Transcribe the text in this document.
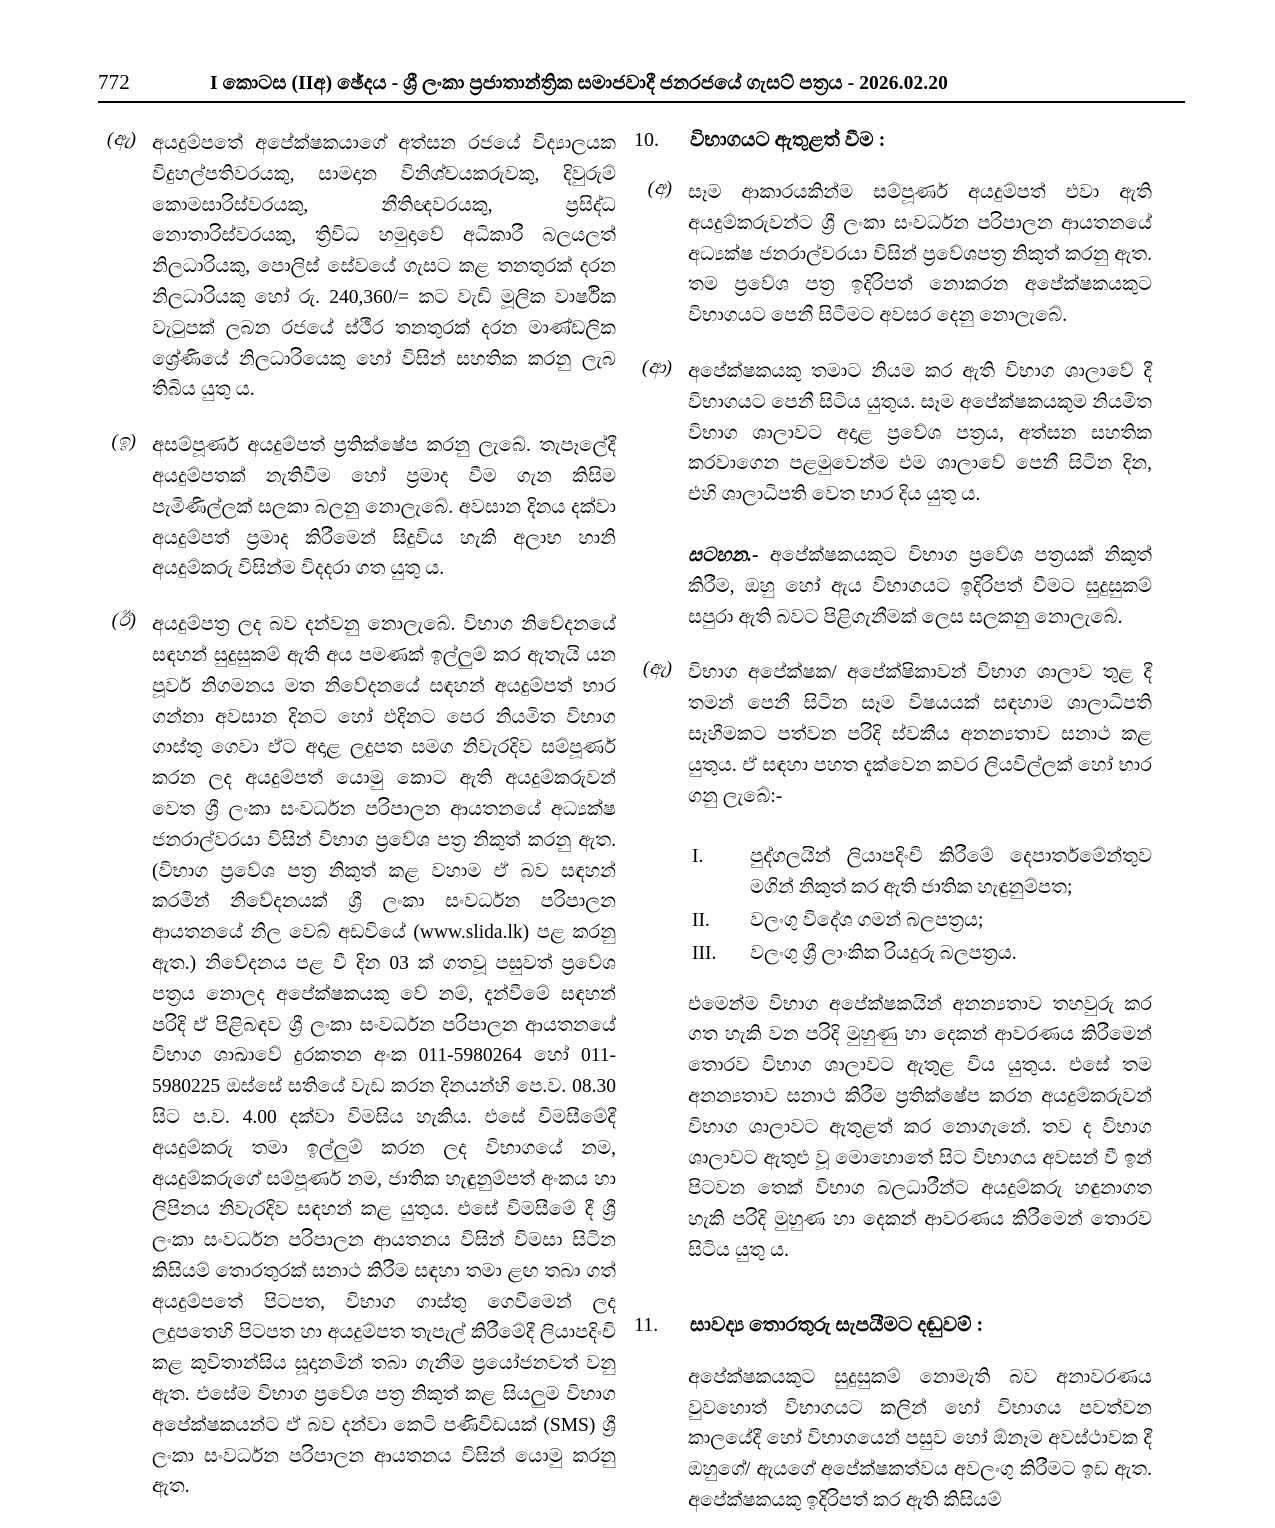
772	I කොටස (IIඅ) ඡේදය - ශ්‍රී ලංකා ප්‍රජාතාන්ත්‍රික සමාජවාදී ජනරජයේ ගැසට් පත්‍රය - 2026.02.20
(ඇ) අයදුම්පතේ අපේක්ෂකයාගේ අත්සන රජයේ විද්‍යාලයක විදුහල්පතිවරයකු, සාමදාන විනිශ්චයකරුවකු, දිවුරුම් කොමසාරිස්වරයකු, නීතිඥවරයකු, ප්‍රසිද්ධ නොතාරිස්වරයකු, ත්‍රිවිධ හමුදාවේ අධිකාරී බලයලත් නිලධාරියකු, පොලිස් සේවයේ ගැසට කළ තනතුරක් දරන නිලධාරියකු හෝ රු. 240,360/= කට වැඩි මූලික වාර්ෂික වැටුපක් ලබන රජයේ ස්ථීර තනතුරක් දරන මාණ්ඩලික ශ්‍රේණියේ නිලධාරියෙකු හෝ විසින් සහතික කරනු ලැබ තිබිය යුතු ය.

(ඉ) අසම්පූර්ණ අයදුම්පත් ප්‍රතික්ෂේප කරනු ලැබේ. තැපෑලේදී අයදුම්පතක් නැතිවීම හෝ ප්‍රමාද වීම ගැන කිසිම පැමිණිල්ලක් සලකා බලනු නොලැබේ. අවසාන දිනය දක්වා අයදුම්පත් ප්‍රමාද කිරීමෙන් සිදුවිය හැකි අලාභ හානි අයදුම්කරු විසින්ම විදදරා ගත යුතු ය.

(ඊ) අයදුම්පත්‍ර ලද බව දන්වනු නොලැබේ. විභාග නිවේදනයේ සඳහන් සුදුසුකම් ඇති අය පමණක් ඉල්ලුම් කර ඇතැයි යන පූර්ව නිගමනය මත නිවේදනයේ සඳහන් අයදුම්පත් භාර ගන්නා අවසාන දිනට හෝ එදිනට පෙර නියමිත විභාග ගාස්තු ගෙවා ඒට අදාළ ලදුපත සමග නිවැරදිව සම්පූර්ණ කරන ලද අයදුම්පත් යොමු කොට ඇති අයදුම්කරුවන් වෙත ශ්‍රී ලංකා සංවර්ධන පරිපාලන ආයතනයේ අධ්‍යක්ෂ ජනරාල්වරයා විසින් විභාග ප්‍රවේශ පත්‍ර නිකුත් කරනු ඇත. (විභාග ප්‍රවේශ පත්‍ර නිකුත් කළ වහාම ඒ බව සඳහන් කරමින් නිවේදනයක් ශ්‍රී ලංකා සංවර්ධන පරිපාලන ආයතනයේ නිල වෙබ් අඩවියේ (www.slida.lk) පළ කරනු ඇත.) නිවේදනය පළ වී දින 03 ක් ගතවූ පසුවත් ප්‍රවේශ පත්‍රය නොලද අපේක්ෂකයකු වේ නම්, දැන්වීමේ සඳහන් පරිදි ඒ පිළිබඳව ශ්‍රී ලංකා සංවර්ධන පරිපාලන ආයතනයේ විභාග ශාඛාවේ දුරකතන අංක 011-5980264 හෝ 011-5980225 ඔස්සේ සතියේ වැඩ කරන දිනයන්හි පෙ.ව. 08.30 සිට ප.ව. 4.00 දක්වා විමසිය හැකිය. එසේ විමසීමේදී අයදුම්කරු තමා ඉල්ලුම් කරන ලද විභාගයේ නම, අයදුම්කරුගේ සම්පූර්ණ නම, ජාතික හැඳුනුම්පත් අංකය හා ලිපිනය නිවැරදිව සඳහන් කළ යුතුය. එසේ විමසීමේ දී ශ්‍රී ලංකා සංවර්ධන පරිපාලන ආයතනය විසින් විමසා සිටින කිසියම් තොරතුරක් සනාථ කිරීම සඳහා තමා ළඟ තබා ගත් අයදුම්පතේ පිටපත, විභාග ගාස්තු ගෙවීමෙන් ලද ලදුපතෙහි පිටපත හා අයදුම්පත තැපැල් කිරීමේදී ලියාපදිංචි කළ කුවිතාන්සිය සූදානමින් තබා ගැනීම ප්‍රයෝජනවත් වනු ඇත. එසේම විභාග ප්‍රවේශ පත්‍ර නිකුත් කළ සියලුම විභාග අපේක්ෂකයන්ට ඒ බව දන්වා කෙටි පණිවිඩයක් (SMS) ශ්‍රී ලංකා සංවර්ධන පරිපාලන ආයතනය විසින් යොමු කරනු ඇත.

10.	විභාගයට ඇතුළත් වීම :
(අ) සෑම ආකාරයකින්ම සම්පූර්ණ අයදුම්පත් එවා ඇති අයදුම්කරුවන්ට ශ්‍රී ලංකා සංවර්ධන පරිපාලන ආයතනයේ අධ්‍යක්ෂ ජනරාල්වරයා විසින් ප්‍රවේශපත්‍ර නිකුත් කරනු ඇත. තම ප්‍රවේශ පත්‍ර ඉදිරිපත් නොකරන අපේක්ෂකයකුට විභාගයට පෙනී සිටීමට අවසර දෙනු නොලැබේ.

(ආ) අපේක්ෂකයකු තමාට නියම කර ඇති විභාග ශාලාවේ දී විභාගයට පෙනී සිටිය යුතුය. සෑම අපේක්ෂකයකුම නියමිත විභාග ශාලාවට අදාළ ප්‍රවේශ පත්‍රය, අත්සන සහතික කරවාගෙන පළමුවෙන්ම එම ශාලාවේ පෙනී සිටින දින, එහි ශාලාධිපති වෙත භාර දිය යුතු ය.

සටහන.- අපේක්ෂකයකුට විභාග ප්‍රවේශ පත්‍රයක් නිකුත් කිරීම, ඔහු හෝ ඇය විභාගයට ඉදිරිපත් වීමට සුදුසුකම් සපුරා ඇති බවට පිළිගැනීමක් ලෙස සලකනු නොලැබේ.

(ඇ) විභාග අපේක්ෂක/ අපේක්ෂිකාවන් විභාග ශාලාව තුළ දී තමන් පෙනී සිටින සෑම විෂයයක් සඳහාම ශාලාධිපති සෑහීමකට පත්වන පරිදි ස්වකීය අනන්‍යතාව සනාථ කළ යුතුය. ඒ සඳහා පහත දැක්වෙන කවර ලියවිල්ලක් හෝ භාර ගනු ලැබේ:-

I.	පුද්ගලයින් ලියාපදිංචි කිරීමේ දෙපාර්තමේන්තුව මගින් නිකුත් කර ඇති ජාතික හැඳුනුම්පත;
II.	වලංගු විදේශ ගමන් බලපත්‍රය;
III.	වලංගු ශ්‍රී ලාංකික රියදුරු බලපත්‍රය.

එමෙන්ම විභාග අපේක්ෂකයින් අනන්‍යතාව තහවුරු කර ගත හැකි වන පරිදි මුහුණු හා දෙකන් ආවරණය කිරීමෙන් තොරව විභාග ශාලාවට ඇතුළ විය යුතුය. එසේ තම අනන්‍යතාව සනාථ කිරීම ප්‍රතික්ෂේප කරන අයදුම්කරුවන් විභාග ශාලාවට ඇතුළත් කර නොගැනේ. තව ද විභාග ශාලාවට ඇතුළු වූ මොහොතේ සිට විභාගය අවසන් වී ඉන් පිටවන තෙක් විභාග බලධාරීන්ට අයදුම්කරු හඳුනාගත හැකි පරිදි මුහුණ හා දෙකන් ආවරණය කිරීමෙන් තොරව සිටිය යුතු ය.

11.	සාවද්‍ය තොරතුරු සැපයීමට දඬුවම් :

අපේක්ෂකයකුට සුදුසුකම් නොමැති බව අනාවරණය වුවහොත් විභාගයට කලින් හෝ විභාගය පවත්වන කාලයේදී හෝ විභාගයෙන් පසුව හෝ ඕනෑම අවස්ථාවක දී ඔහුගේ/ ඇයගේ අපේක්ෂකත්වය අවලංගු කිරීමට ඉඩ ඇත. අපේක්ෂකයකු ඉදිරිපත් කර ඇති කිසියම්
